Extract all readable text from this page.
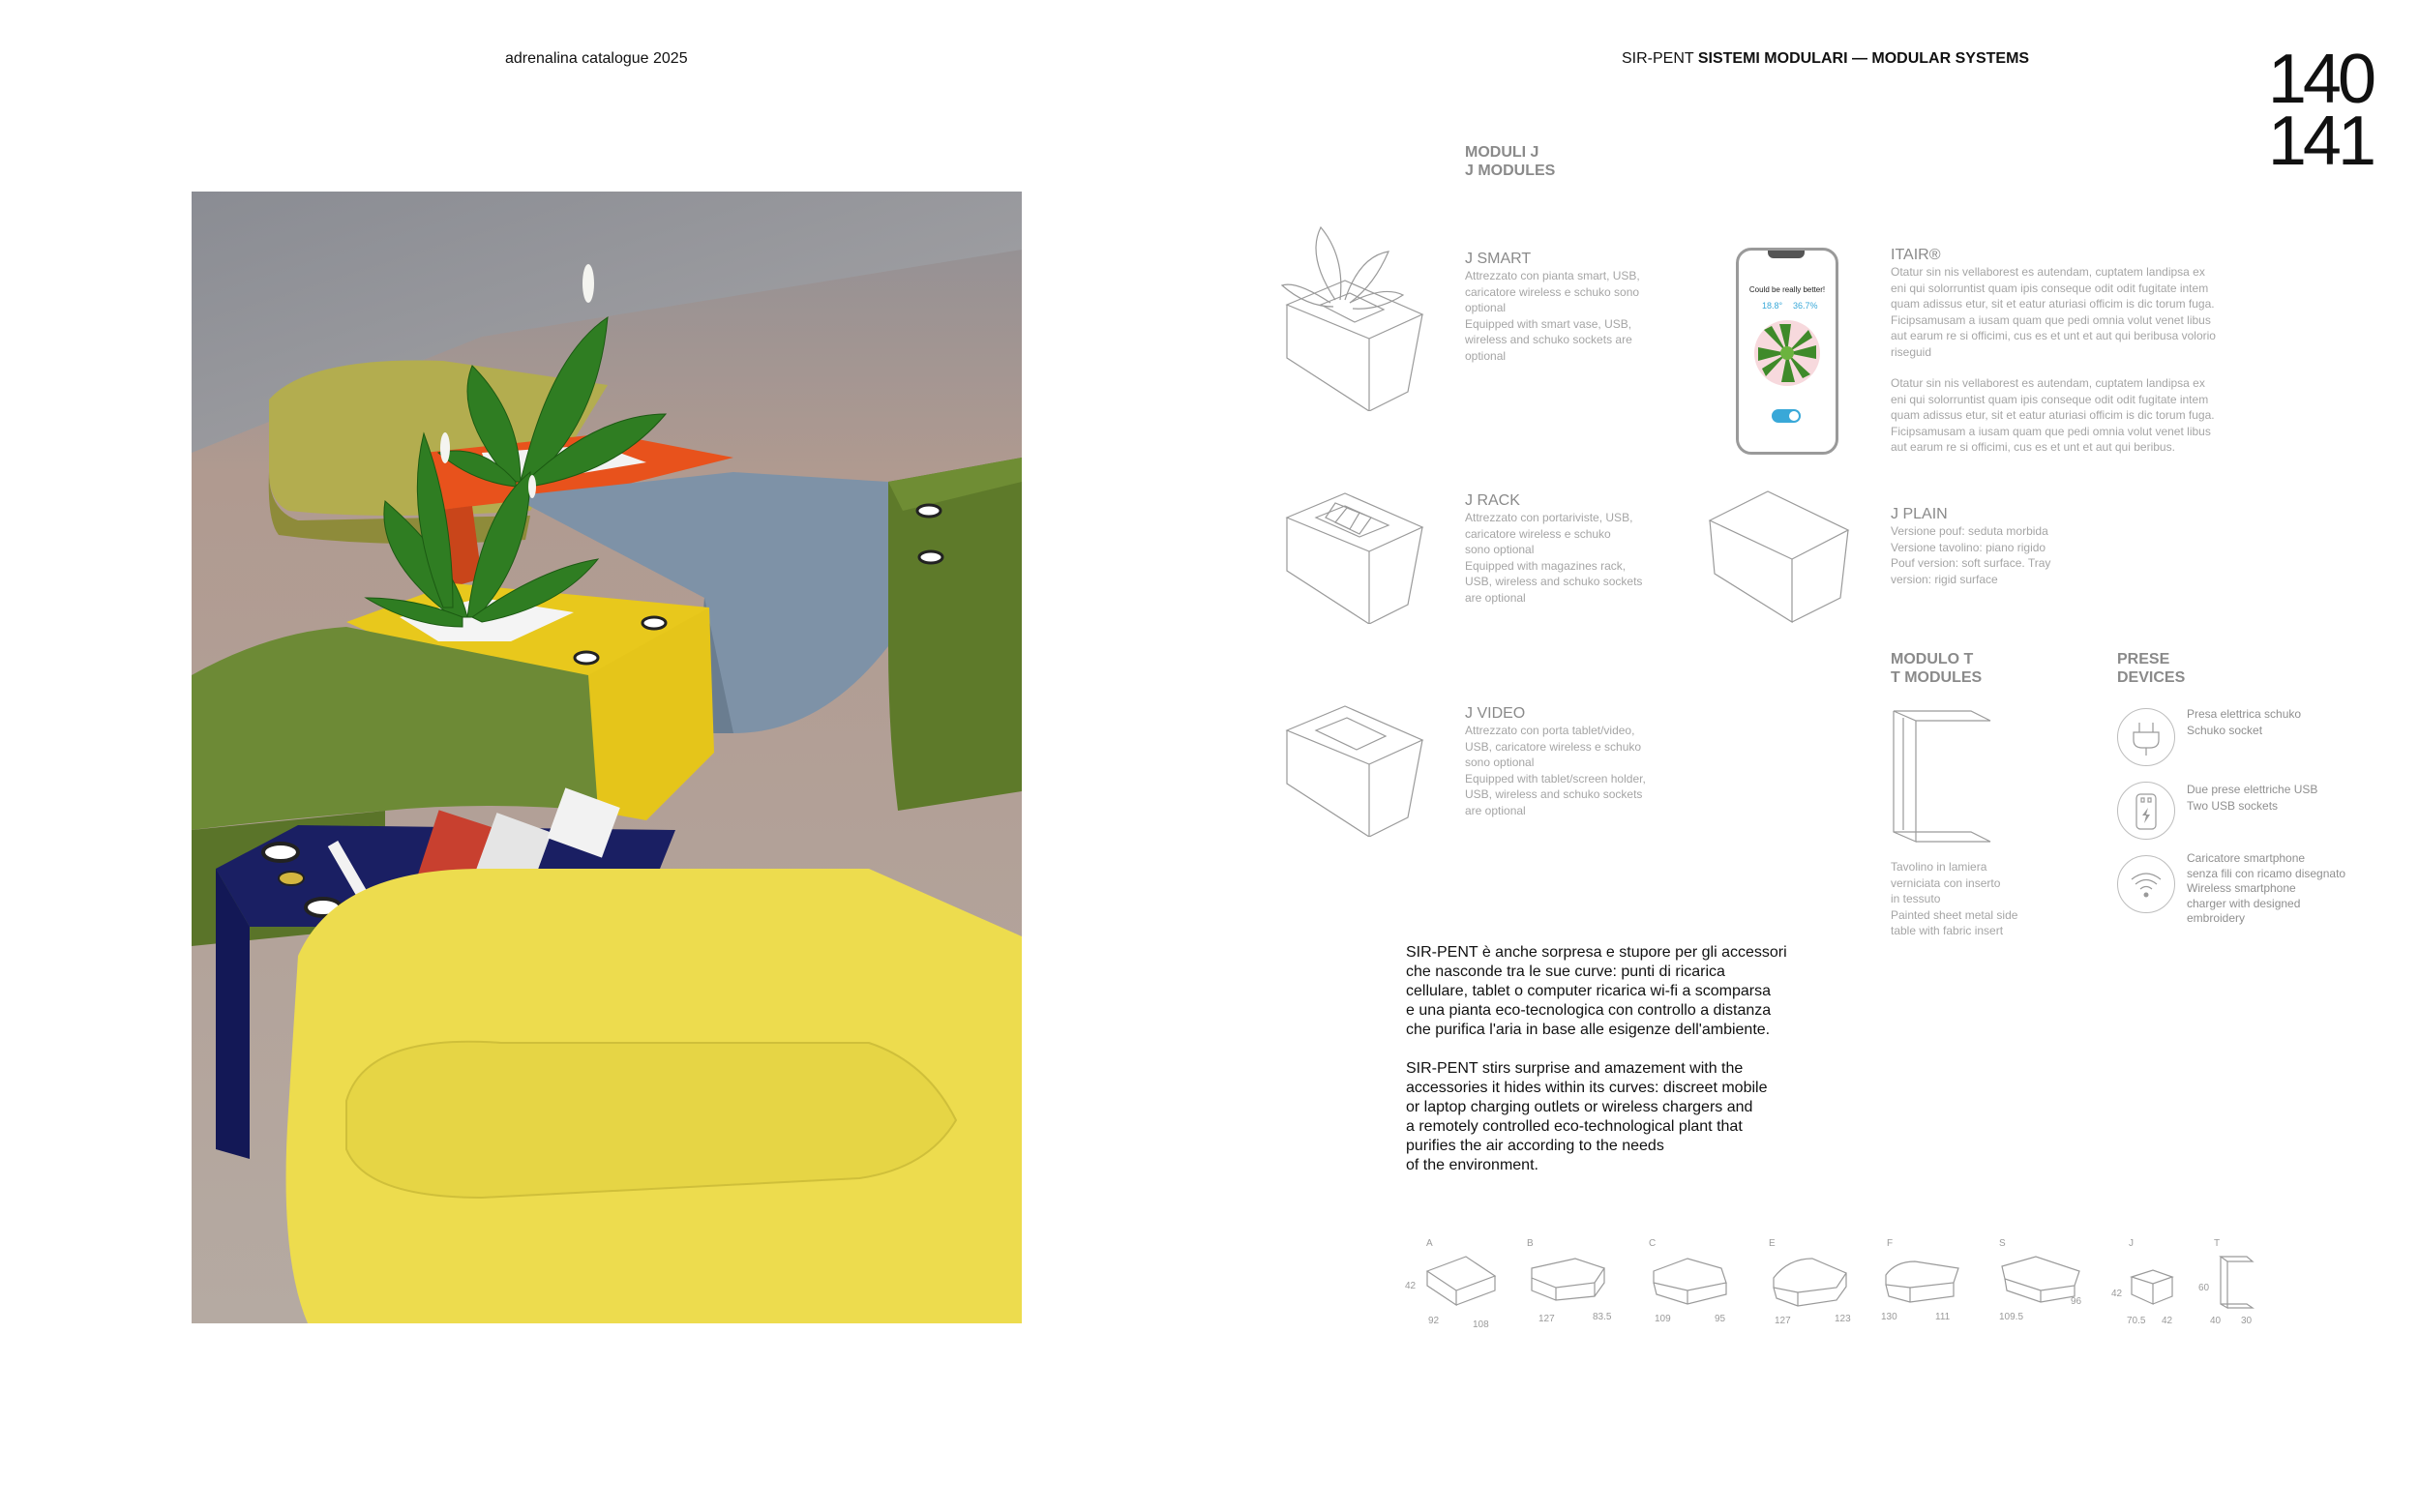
adrenalina catalogue 2025	SIR-PENT SISTEMI MODULARI — MODULAR SYSTEMS	140
141
MODULI J
J MODULES
J SMART
Attrezzato con pianta smart, USB,
caricatore wireless e schuko sono
optional
Equipped with smart vase, USB,
wireless and schuko sockets are
optional
Could be really better!
18.8° 36.7%
ITAIR®
Otatur sin nis vellaborest es autendam, cuptatem landipsa ex
eni qui solorruntist quam ipis conseque odit odit fugitate intem
quam adissus etur, sit et eatur aturiasi officim is dic torum fuga.
Ficipsamusam a iusam quam que pedi omnia volut venet libus
aut earum re si officimi, cus es et unt et aut qui beribusa volorio
riseguid
Otatur sin nis vellaborest es autendam, cuptatem landipsa ex
eni qui solorruntist quam ipis conseque odit odit fugitate intem
quam adissus etur, sit et eatur aturiasi officim is dic torum fuga.
Ficipsamusam a iusam quam que pedi omnia volut venet libus
aut earum re si officimi, cus es et unt et aut qui beribus.
J RACK
Attrezzato con portariviste, USB,
caricatore wireless e schuko
sono optional
Equipped with magazines rack,
USB, wireless and schuko sockets
are optional
J PLAIN
Versione pouf: seduta morbida
Versione tavolino: piano rigido
Pouf version: soft surface. Tray
version: rigid surface
J VIDEO
Attrezzato con porta tablet/video,
USB, caricatore wireless e schuko
sono optional
Equipped with tablet/screen holder,
USB, wireless and schuko sockets
are optional
MODULO T
T MODULES
Tavolino in lamiera
verniciata con inserto
in tessuto
Painted sheet metal side
table with fabric insert
PRESE
DEVICES
Presa elettrica schuko
Schuko socket
Due prese elettriche USB
Two USB sockets
Caricatore smartphone
senza fili con ricamo disegnato
Wireless smartphone
charger with designed
embroidery
SIR-PENT è anche sorpresa e stupore per gli accessori
che nasconde tra le sue curve: punti di ricarica
cellulare, tablet o computer ricarica wi-fi a scomparsa
e una pianta eco-tecnologica con controllo a distanza
che purifica l'aria in base alle esigenze dell'ambiente.
SIR-PENT stirs surprise and amazement with the
accessories it hides within its curves: discreet mobile
or laptop charging outlets or wireless chargers and
a remotely controlled eco-technological plant that
purifies the air according to the needs
of the environment.
A
42
92	108
B
127	83.5
C
109	95
E
127	123
F
130	111
S
109.5
96
J
42
70.5 42
T
60
40 30
